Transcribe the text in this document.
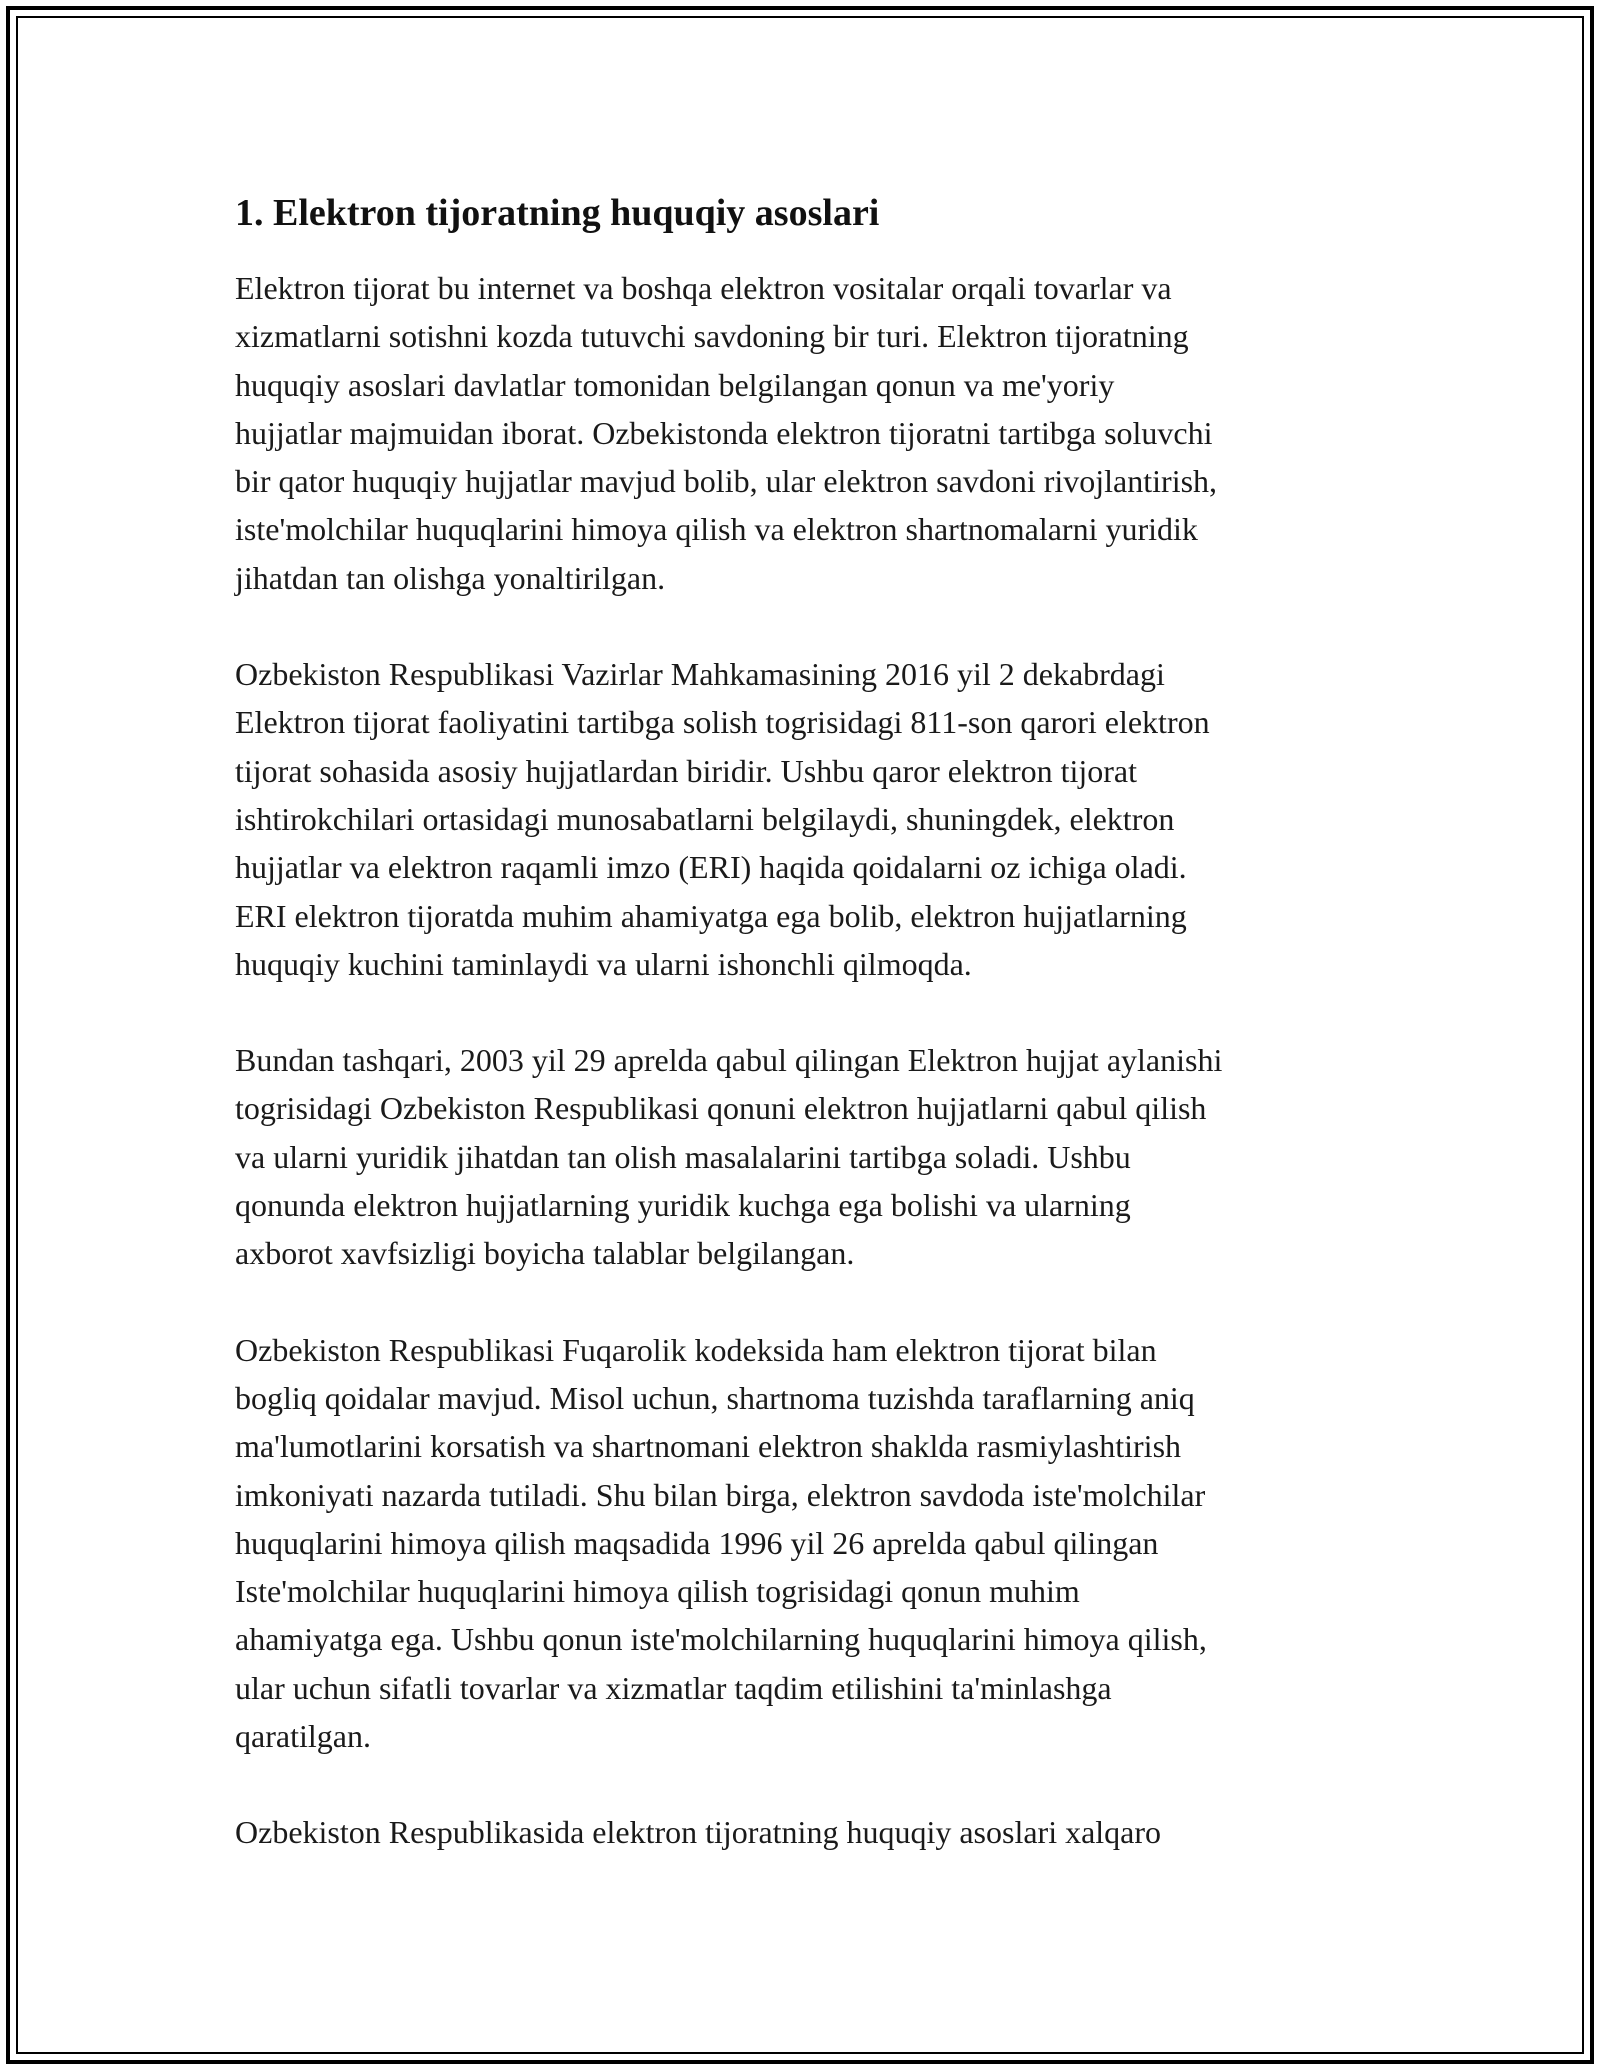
1. Elektron tijoratning huquqiy asoslari

Elektron tijorat bu internet va boshqa elektron vositalar orqali tovarlar va
xizmatlarni sotishni kozda tutuvchi savdoning bir turi. Elektron tijoratning
huquqiy asoslari davlatlar tomonidan belgilangan qonun va me'yoriy
hujjatlar majmuidan iborat. Ozbekistonda elektron tijoratni tartibga soluvchi
bir qator huquqiy hujjatlar mavjud bolib, ular elektron savdoni rivojlantirish,
iste'molchilar huquqlarini himoya qilish va elektron shartnomalarni yuridik
jihatdan tan olishga yonaltirilgan.

Ozbekiston Respublikasi Vazirlar Mahkamasining 2016 yil 2 dekabrdagi
Elektron tijorat faoliyatini tartibga solish togrisidagi 811-son qarori elektron
tijorat sohasida asosiy hujjatlardan biridir. Ushbu qaror elektron tijorat
ishtirokchilari ortasidagi munosabatlarni belgilaydi, shuningdek, elektron
hujjatlar va elektron raqamli imzo (ERI) haqida qoidalarni oz ichiga oladi.
ERI elektron tijoratda muhim ahamiyatga ega bolib, elektron hujjatlarning
huquqiy kuchini taminlaydi va ularni ishonchli qilmoqda.

Bundan tashqari, 2003 yil 29 aprelda qabul qilingan Elektron hujjat aylanishi
togrisidagi Ozbekiston Respublikasi qonuni elektron hujjatlarni qabul qilish
va ularni yuridik jihatdan tan olish masalalarini tartibga soladi. Ushbu
qonunda elektron hujjatlarning yuridik kuchga ega bolishi va ularning
axborot xavfsizligi boyicha talablar belgilangan.

Ozbekiston Respublikasi Fuqarolik kodeksida ham elektron tijorat bilan
bogliq qoidalar mavjud. Misol uchun, shartnoma tuzishda taraflarning aniq
ma'lumotlarini korsatish va shartnomani elektron shaklda rasmiylashtirish
imkoniyati nazarda tutiladi. Shu bilan birga, elektron savdoda iste'molchilar
huquqlarini himoya qilish maqsadida 1996 yil 26 aprelda qabul qilingan
Iste'molchilar huquqlarini himoya qilish togrisidagi qonun muhim
ahamiyatga ega. Ushbu qonun iste'molchilarning huquqlarini himoya qilish,
ular uchun sifatli tovarlar va xizmatlar taqdim etilishini ta'minlashga
qaratilgan.

Ozbekiston Respublikasida elektron tijoratning huquqiy asoslari xalqaro
